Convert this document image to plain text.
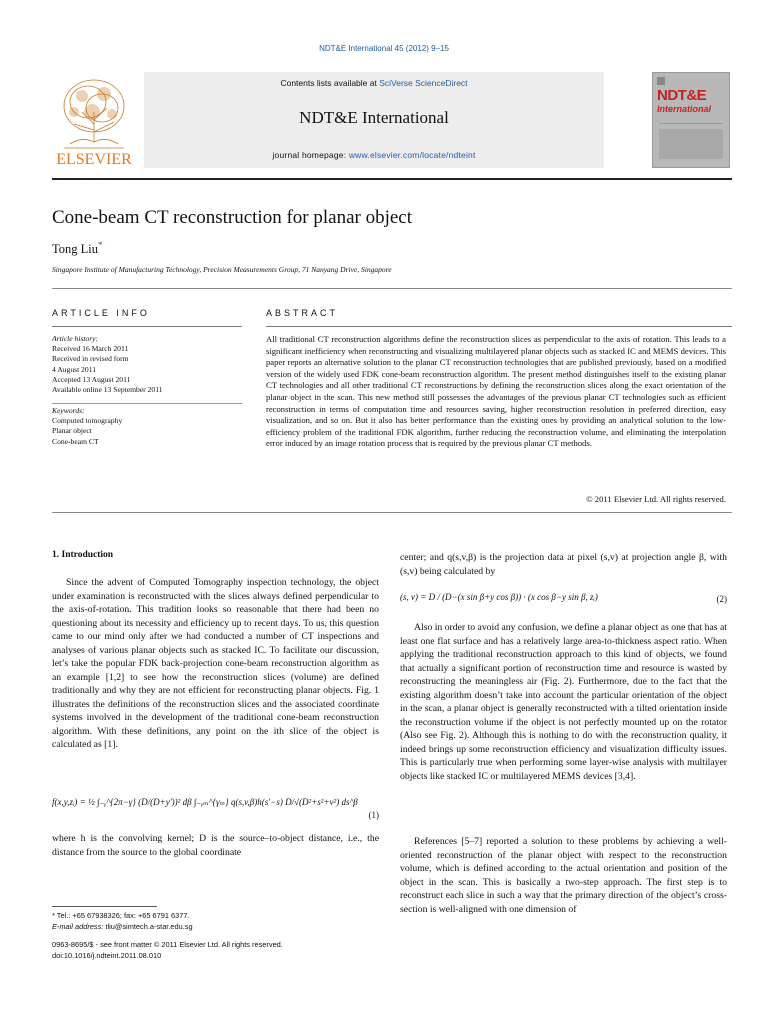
NDT&E International 45 (2012) 9–15
ELSEVIER
Contents lists available at SciVerse ScienceDirect
NDT&E International
journal homepage: www.elsevier.com/locate/ndteint
NDT&E
International
Cone-beam CT reconstruction for planar object
Tong Liu*
Singapore Institute of Manufacturing Technology, Precision Measurements Group, 71 Nanyang Drive, Singapore
ARTICLE INFO
Article history:
Received 16 March 2011
Received in revised form
4 August 2011
Accepted 13 August 2011
Available online 13 September 2011
Keywords:
Computed tomography
Planar object
Cone-beam CT
ABSTRACT
All traditional CT reconstruction algorithms define the reconstruction slices as perpendicular to the axis of rotation. This leads to a significant inefficiency when reconstructing and visualizing multilayered planar objects such as stacked IC and MEMS devices. This paper reports an alternative solution to the planar CT reconstruction technologies that are published previously, based on a modified version of the widely used FDK cone-beam reconstruction algorithm. The present method distinguishes itself to the existing planar CT technologies and all other traditional CT reconstructions by defining the reconstruction slices along the exact orientation of the planar object in the scan. This new method still possesses the advantages of the previous planar CT technologies such as efficient reconstruction in terms of computation time and resources saving, higher reconstruction resolution in preferred direction, easy visualization, and so on. But it also has better performance than the existing ones by providing an analytical solution to the low-efficiency problem of the traditional FDK algorithm, further reducing the reconstruction volume, and eliminating the interpolation error induced by an image rotation process that is required by the previous planar CT methods.
© 2011 Elsevier Ltd. All rights reserved.
1. Introduction
Since the advent of Computed Tomography inspection technology, the object under examination is reconstructed with the slices always defined perpendicular to the axis-of-rotation. This tradition looks so reasonable that there had been no questioning about its necessity and efficiency up to recent days. To us, this question came to our mind only after we had conducted a number of CT inspections and analyses of various planar objects such as stacked IC. To facilitate our discussion, let’s take the popular FDK back-projection cone-beam reconstruction algorithm as an example [1,2] to see how the reconstruction slices (volume) are defined traditionally and why they are not efficient for reconstructing planar objects. Fig. 1 illustrates the definitions of the reconstruction slices and the associated coordinate systems involved in the development of the traditional cone-beam reconstruction algorithm. With these definitions, any point on the ith slice of the object is calculated as [1].
f(x,y,zᵢ) = ½ ∫₋ᵧ^{2π−γ} (D/(D+y′))² dβ ∫₋ᵧₘ^{γₘ} q(s,v,β)h(s′−s) D/√(D²+s²+v²) ds^β
(1)
where h is the convolving kernel; D is the source–to-object distance, i.e., the distance from the source to the global coordinate
* Tel.: +65 67938326; fax: +65 6791 6377.
E-mail address: tliu@simtech.a-star.edu.sg
0963-8695/$ - see front matter © 2011 Elsevier Ltd. All rights reserved.
doi:10.1016/j.ndteint.2011.08.010
center; and q(s,v,β) is the projection data at pixel (s,v) at projection angle β, with (s,v) being calculated by
(s, v) = D / (D−(x sin β+y cos β)) · (x cos β−y sin β, zᵢ)	(2)
Also in order to avoid any confusion, we define a planar object as one that has at least one flat surface and has a relatively large area-to-thickness aspect ratio. When applying the traditional reconstruction approach to this kind of objects, we found that actually a significant portion of reconstruction time and resource is wasted by reconstructing the meaningless air (Fig. 2). Furthermore, due to the fact that the existing algorithm doesn’t take into account the particular orientation of the object in the scan, a planar object is generally reconstructed with a tilted orientation inside the reconstruction volume if the object is not perfectly mounted up on the rotator (Also see Fig. 2). Although this is nothing to do with the reconstruction quality, it indeed brings up some reconstruction efficiency and visualization difficulty issues. This is particularly true when performing some layer-wise analysis with multilayer objects like stacked IC or multilayered MEMS devices [3,4].
References [5–7] reported a solution to these problems by achieving a well-oriented reconstruction of the planar object with respect to the reconstruction volume, which is defined according to the actual orientation and position of the object in the scan. This is basically a two-step approach. The first step is to reconstruct each slice in such a way that the primary direction of the object’s cross-section is well-aligned with one dimension of
